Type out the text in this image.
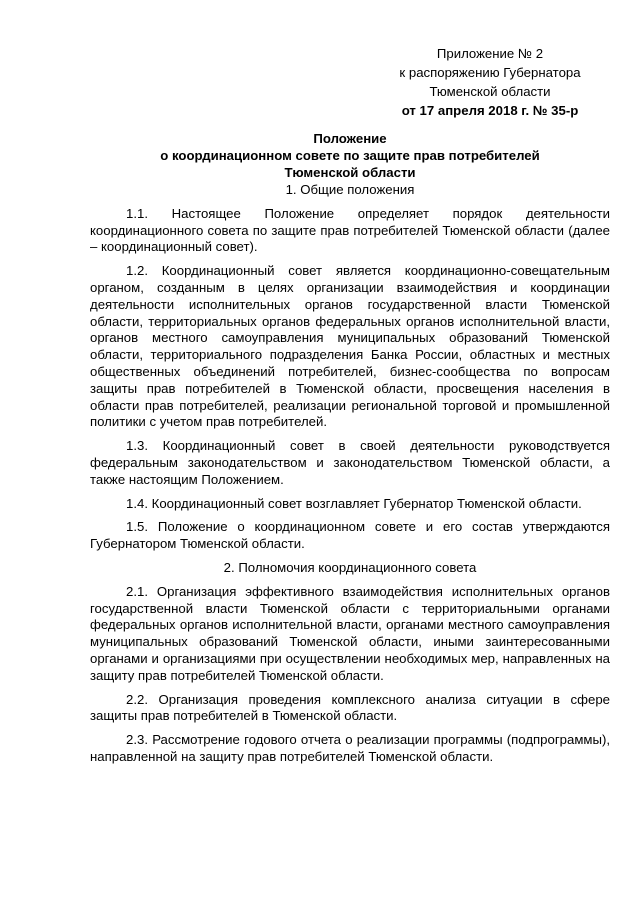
Приложение № 2
к распоряжению Губернатора
Тюменской области
от 17 апреля 2018 г. № 35-р
Положение
о координационном совете по защите прав потребителей
Тюменской области
1. Общие положения

1.1. Настоящее Положение определяет порядок деятельности координационного совета по защите прав потребителей Тюменской области (далее – координационный совет).

1.2. Координационный совет является координационно-совещательным органом, созданным в целях организации взаимодействия и координации деятельности исполнительных органов государственной власти Тюменской области, территориальных органов федеральных органов исполнительной власти, органов местного самоуправления муниципальных образований Тюменской области, территориального подразделения Банка России, областных и местных общественных объединений потребителей, бизнес-сообщества по вопросам защиты прав потребителей в Тюменской области, просвещения населения в области прав потребителей, реализации региональной торговой и промышленной политики с учетом прав потребителей.

1.3. Координационный совет в своей деятельности руководствуется федеральным законодательством и законодательством Тюменской области, а также настоящим Положением.

1.4. Координационный совет возглавляет Губернатор Тюменской области.

1.5. Положение о координационном совете и его состав утверждаются Губернатором Тюменской области.

2. Полномочия координационного совета

2.1. Организация эффективного взаимодействия исполнительных органов государственной власти Тюменской области с территориальными органами федеральных органов исполнительной власти, органами местного самоуправления муниципальных образований Тюменской области, иными заинтересованными органами и организациями при осуществлении необходимых мер, направленных на защиту прав потребителей Тюменской области.

2.2. Организация проведения комплексного анализа ситуации в сфере защиты прав потребителей в Тюменской области.

2.3. Рассмотрение годового отчета о реализации программы (подпрограммы), направленной на защиту прав потребителей Тюменской области.
